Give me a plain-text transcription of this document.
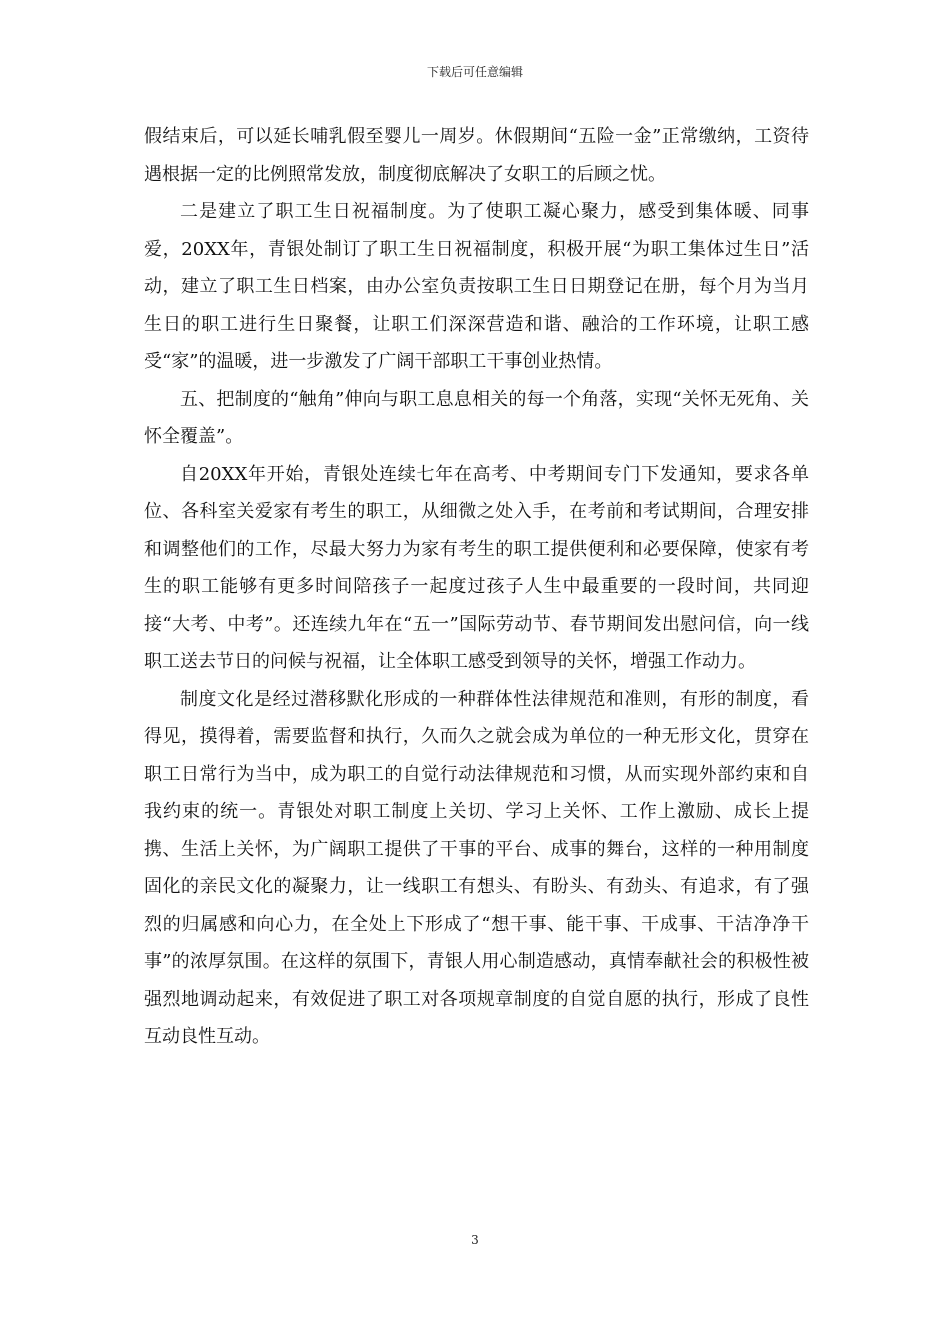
下载后可任意编辑

假结束后，可以延长哺乳假至婴儿一周岁。休假期间“五险一金”正常缴纳，工资待遇根据一定的比例照常发放，制度彻底解决了女职工的后顾之忧。

二是建立了职工生日祝福制度。为了使职工凝心聚力，感受到集体暖、同事爱，20XX年，青银处制订了职工生日祝福制度，积极开展“为职工集体过生日”活动，建立了职工生日档案，由办公室负责按职工生日日期登记在册，每个月为当月生日的职工进行生日聚餐，让职工们深深营造和谐、融洽的工作环境，让职工感受“家”的温暖，进一步激发了广阔干部职工干事创业热情。

五、把制度的“触角”伸向与职工息息相关的每一个角落，实现“关怀无死角、关怀全覆盖”。

自20XX年开始，青银处连续七年在高考、中考期间专门下发通知，要求各单位、各科室关爱家有考生的职工，从细微之处入手，在考前和考试期间，合理安排和调整他们的工作，尽最大努力为家有考生的职工提供便利和必要保障，使家有考生的职工能够有更多时间陪孩子一起度过孩子人生中最重要的一段时间，共同迎接“大考、中考”。还连续九年在“五一”国际劳动节、春节期间发出慰问信，向一线职工送去节日的问候与祝福，让全体职工感受到领导的关怀，增强工作动力。

制度文化是经过潜移默化形成的一种群体性法律规范和准则，有形的制度，看得见，摸得着，需要监督和执行，久而久之就会成为单位的一种无形文化，贯穿在职工日常行为当中，成为职工的自觉行动法律规范和习惯，从而实现外部约束和自我约束的统一。青银处对职工制度上关切、学习上关怀、工作上激励、成长上提携、生活上关怀，为广阔职工提供了干事的平台、成事的舞台，这样的一种用制度固化的亲民文化的凝聚力，让一线职工有想头、有盼头、有劲头、有追求，有了强烈的归属感和向心力，在全处上下形成了“想干事、能干事、干成事、干洁净净干事”的浓厚氛围。在这样的氛围下，青银人用心制造感动，真情奉献社会的积极性被强烈地调动起来，有效促进了职工对各项规章制度的自觉自愿的执行，形成了良性互动良性互动。

3
